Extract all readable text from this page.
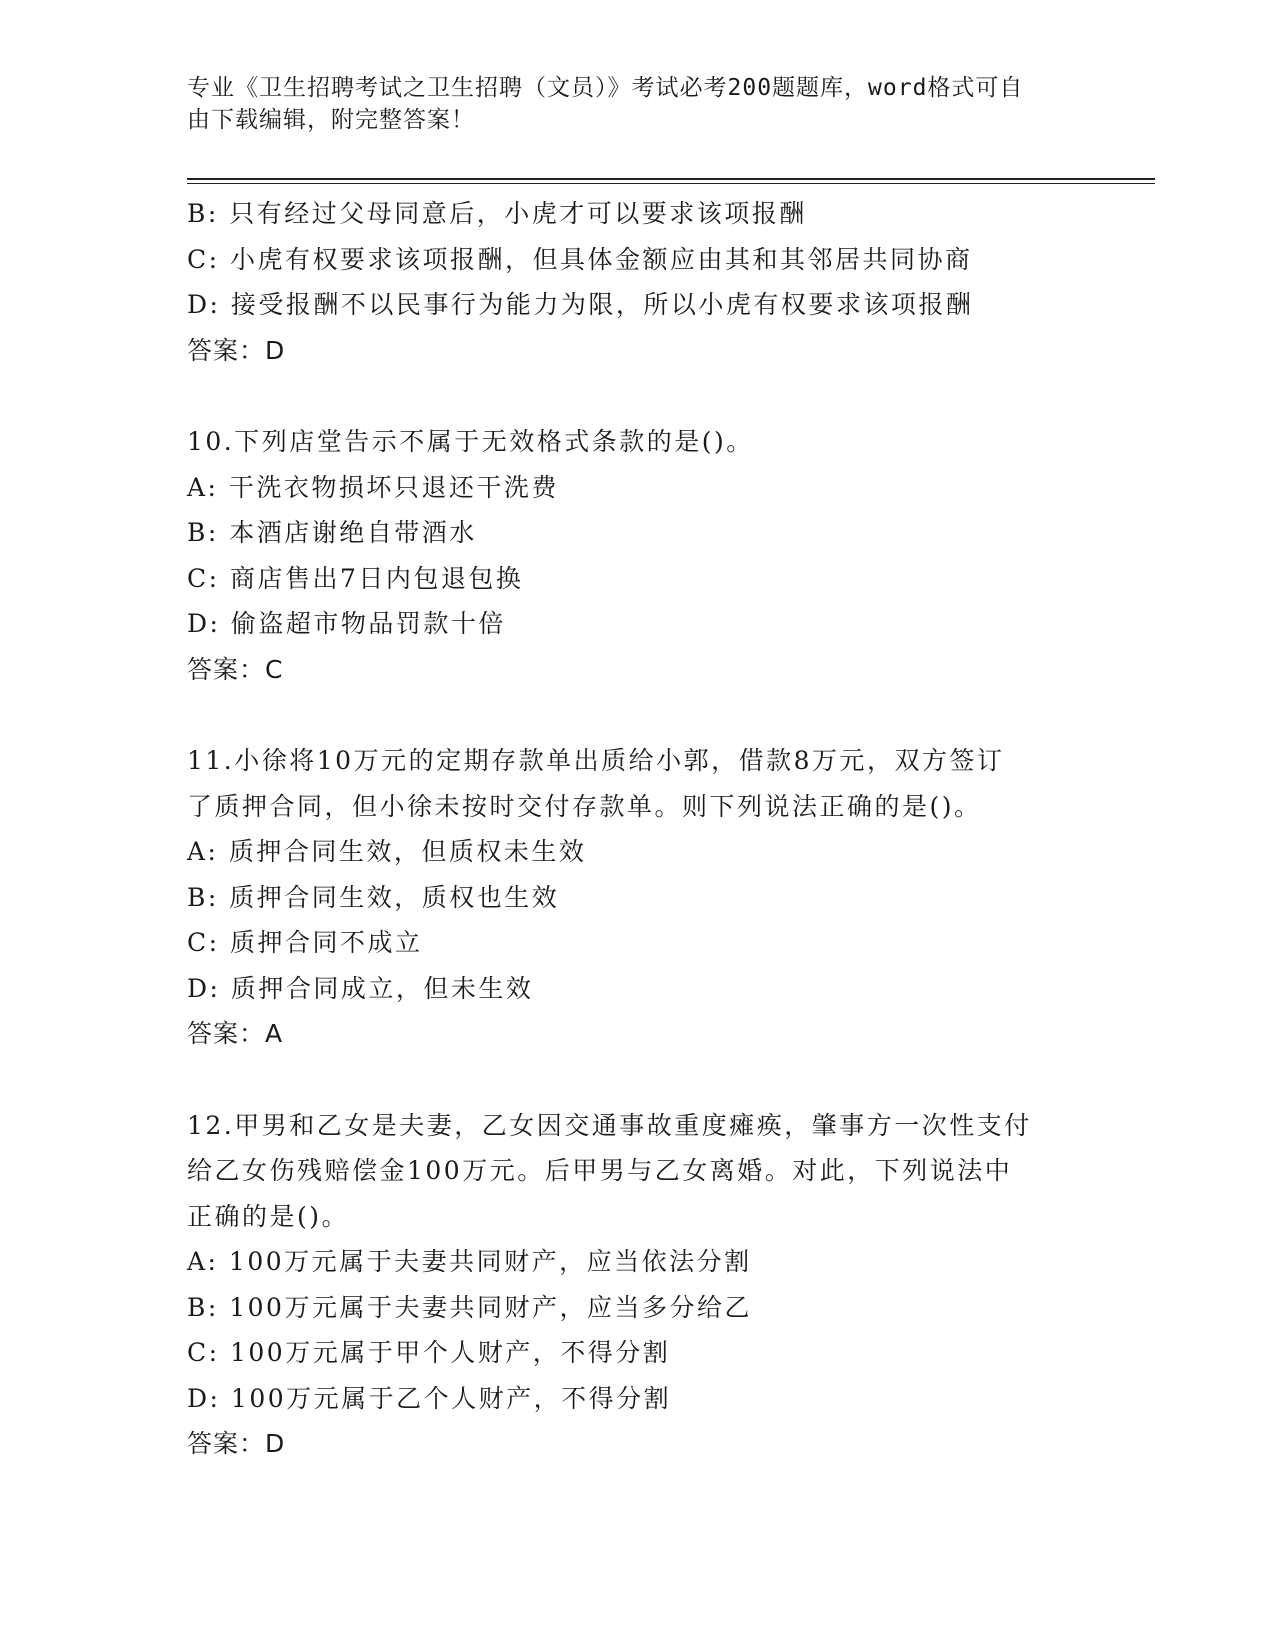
专业《卫生招聘考试之卫生招聘（文员）》考试必考200题题库，word格式可自
由下载编辑，附完整答案！
B: 只有经过父母同意后，小虎才可以要求该项报酬
C: 小虎有权要求该项报酬，但具体金额应由其和其邻居共同协商
D: 接受报酬不以民事行为能力为限，所以小虎有权要求该项报酬
答案：D
10.下列店堂告示不属于无效格式条款的是()。
A: 干洗衣物损坏只退还干洗费
B: 本酒店谢绝自带酒水
C: 商店售出7日内包退包换
D: 偷盗超市物品罚款十倍
答案：C
11.小徐将10万元的定期存款单出质给小郭，借款8万元，双方签订
了质押合同，但小徐未按时交付存款单。则下列说法正确的是()。
A: 质押合同生效，但质权未生效
B: 质押合同生效，质权也生效
C: 质押合同不成立
D: 质押合同成立，但未生效
答案：A
12.甲男和乙女是夫妻，乙女因交通事故重度瘫痪，肇事方一次性支付
给乙女伤残赔偿金100万元。后甲男与乙女离婚。对此，下列说法中
正确的是()。
A: 100万元属于夫妻共同财产，应当依法分割
B: 100万元属于夫妻共同财产，应当多分给乙
C: 100万元属于甲个人财产，不得分割
D: 100万元属于乙个人财产，不得分割
答案：D
